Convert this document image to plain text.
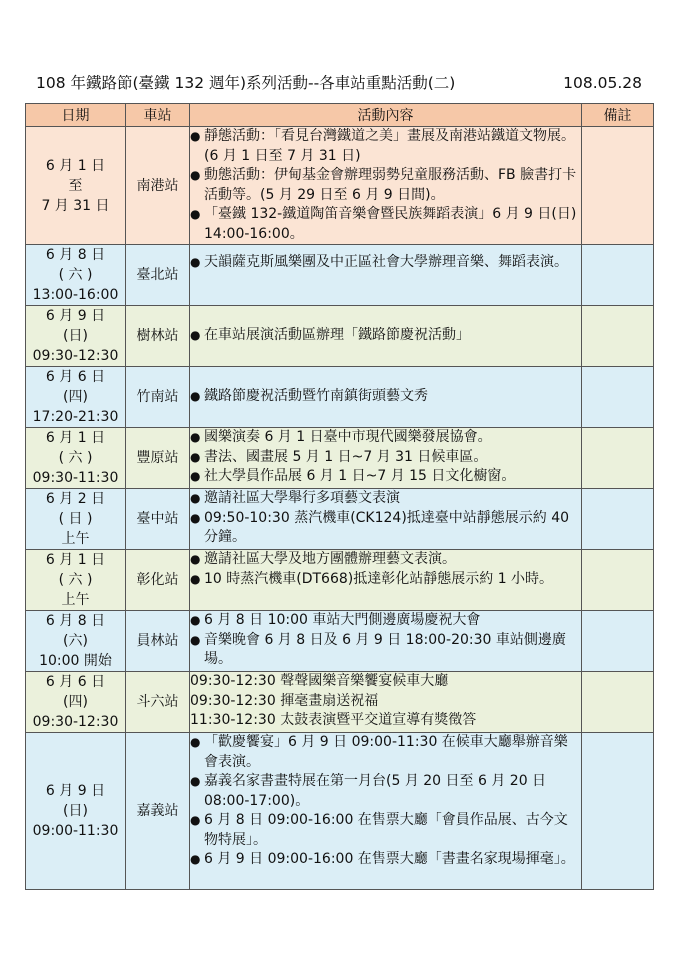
108 年鐵路節(臺鐵 132 週年)系列活動--各車站重點活動(二)	108.05.28
日期	車站	活動內容	備註

6 月 1 日
至
7 月 31 日	南港站	● 靜態活動：「看見台灣鐵道之美」畫展及南港站鐵道文物展。(6 月 1 日至 7 月 31 日)
● 動態活動：伊甸基金會辦理弱勢兒童服務活動、FB 臉書打卡活動等。(5 月 29 日至 6 月 9 日間)。
● 「臺鐵 132-鐵道陶笛音樂會暨民族舞蹈表演」6 月 9 日(日) 14:00-16:00。	

6 月 8 日
( 六 )
13:00-16:00	臺北站	● 天韻薩克斯風樂團及中正區社會大學辦理音樂、舞蹈表演。	

6 月 9 日
(日)
09:30-12:30	樹林站	● 在車站展演活動區辦理「鐵路節慶祝活動」	

6 月 6 日
(四)
17:20-21:30	竹南站	● 鐵路節慶祝活動暨竹南鎮街頭藝文秀	

6 月 1 日
( 六 )
09:30-11:30	豐原站	● 國樂演奏 6 月 1 日臺中市現代國樂發展協會。
● 書法、國畫展 5 月 1 日~7 月 31 日候車區。
● 社大學員作品展 6 月 1 日~7 月 15 日文化櫥窗。	

6 月 2 日
( 日 )
上午	臺中站	● 邀請社區大學舉行多項藝文表演
● 09:50-10:30 蒸汽機車(CK124)抵達臺中站靜態展示約 40 分鐘。	

6 月 1 日
( 六 )
上午	彰化站	● 邀請社區大學及地方團體辦理藝文表演。
● 10 時蒸汽機車(DT668)抵達彰化站靜態展示約 1 小時。	

6 月 8 日
(六)
10:00 開始	員林站	● 6 月 8 日 10:00 車站大門側邊廣場慶祝大會
● 音樂晚會 6 月 8 日及 6 月 9 日 18:00-20:30 車站側邊廣場。	

6 月 6 日
(四)
09:30-12:30	斗六站	09:30-12:30 聲聲國樂音樂饗宴候車大廳
09:30-12:30 揮毫畫扇送祝福
11:30-12:30 太鼓表演暨平交道宣導有獎徵答	

6 月 9 日
(日)
09:00-11:30	嘉義站	● 「歡慶饗宴」6 月 9 日 09:00-11:30 在候車大廳舉辦音樂會表演。
● 嘉義名家書畫特展在第一月台(5 月 20 日至 6 月 20 日 08:00-17:00)。
● 6 月 8 日 09:00-16:00 在售票大廳「會員作品展、古今文物特展」。
● 6 月 9 日 09:00-16:00 在售票大廳「書畫名家現場揮毫」。	
